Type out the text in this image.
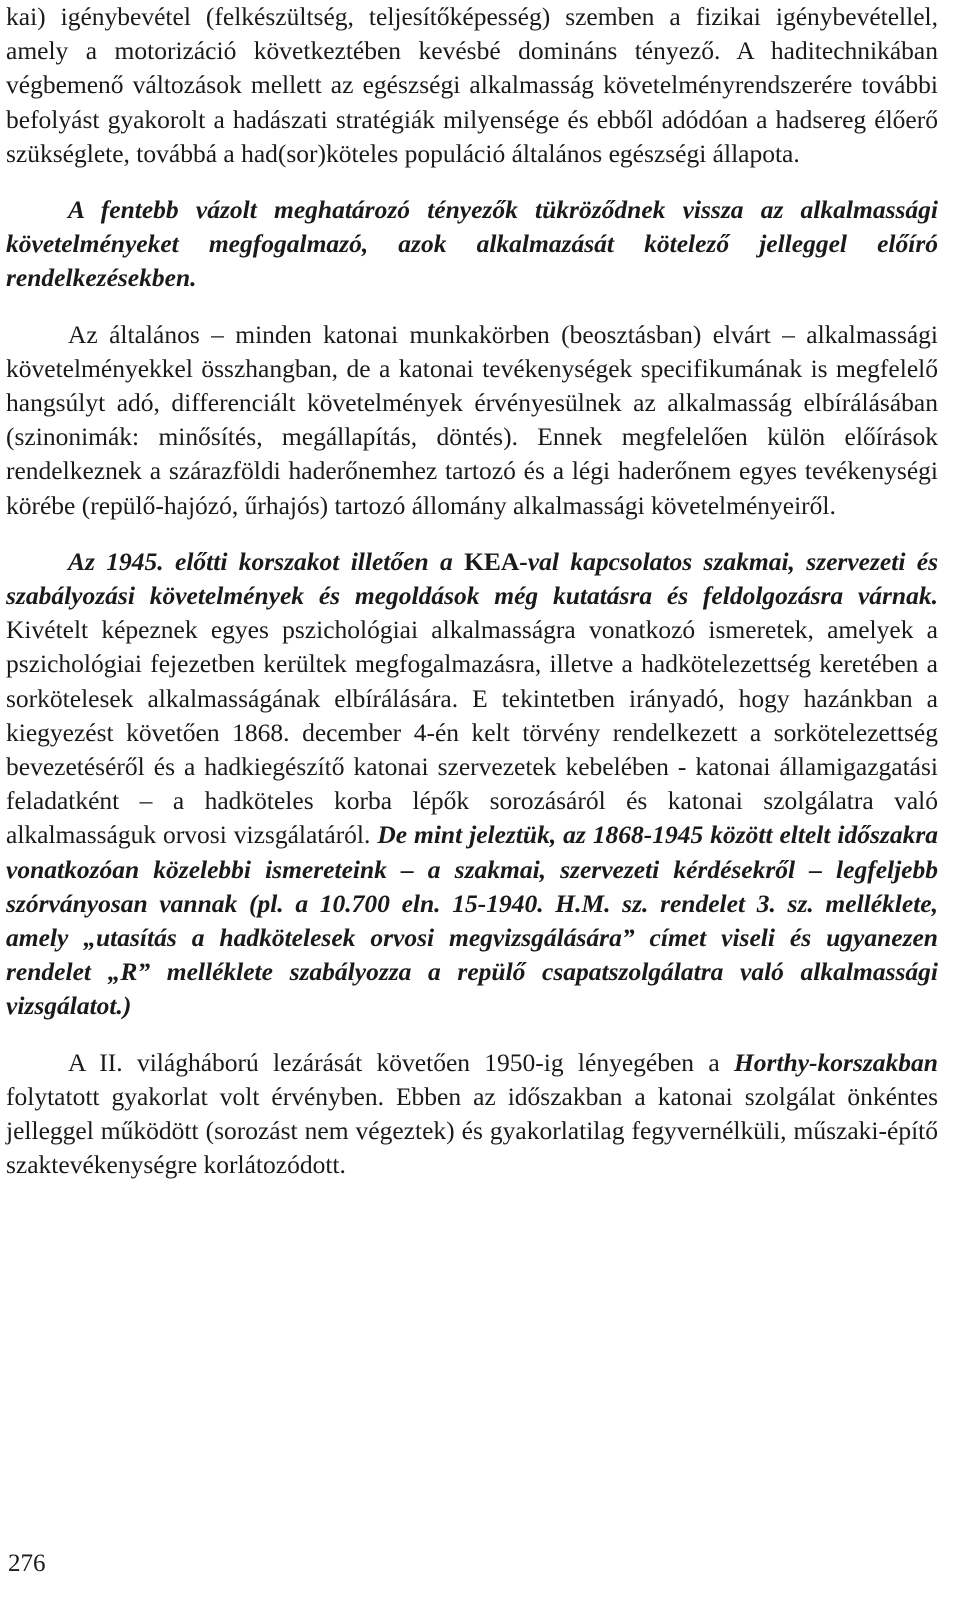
kai) igénybevétel (felkészültség, teljesítőképesség) szemben a fizikai igénybevétellel, amely a motorizáció következtében kevésbé domináns tényező. A haditechnikában végbemenő változások mellett az egészségi alkalmasság követelményrendszerére további befolyást gyakorolt a hadászati stratégiák milyensége és ebből adódóan a hadsereg élőerő szükséglete, továbbá a had(sor)köteles populáció általános egészségi állapota.

A fentebb vázolt meghatározó tényezők tükröződnek vissza az alkalmassági követelményeket megfogalmazó, azok alkalmazását kötelező jelleggel előíró rendelkezésekben.

Az általános – minden katonai munkakörben (beosztásban) elvárt – alkalmassági követelményekkel összhangban, de a katonai tevékenységek specifikumának is megfelelő hangsúlyt adó, differenciált követelmények érvényesülnek az alkalmasság elbírálásában (szinonimák: minősítés, megállapítás, döntés). Ennek megfelelően külön előírások rendelkeznek a szárazföldi haderőnemhez tartozó és a légi haderőnem egyes tevékenységi körébe (repülő-hajózó, űrhajós) tartozó állomány alkalmassági követelményeiről.

Az 1945. előtti korszakot illetően a KEA-val kapcsolatos szakmai, szervezeti és szabályozási követelmények és megoldások még kutatásra és feldolgozásra várnak. Kivételt képeznek egyes pszichológiai alkalmasságra vonatkozó ismeretek, amelyek a pszichológiai fejezetben kerültek megfogalmazásra, illetve a hadkötelezettség keretében a sorkötelesek alkalmasságának elbírálására. E tekintetben irányadó, hogy hazánkban a kiegyezést követően 1868. december 4-én kelt törvény rendelkezett a sorkötelezettség bevezetéséről és a hadkiegészítő katonai szervezetek kebelében - katonai államigazgatási feladatként – a hadköteles korba lépők sorozásáról és katonai szolgálatra való alkalmasságuk orvosi vizsgálatáról. De mint jeleztük, az 1868-1945 között eltelt időszakra vonatkozóan közelebbi ismereteink – a szakmai, szervezeti kérdésekről – legfeljebb szórványosan vannak (pl. a 10.700 eln. 15-1940. H.M. sz. rendelet 3. sz. melléklete, amely „utasítás a hadkötelesek orvosi megvizsgálására” címet viseli és ugyanezen rendelet „R” melléklete szabályozza a repülő csapatszolgálatra való alkalmassági vizsgálatot.)

A II. világháború lezárását követően 1950-ig lényegében a Horthy-korszakban folytatott gyakorlat volt érvényben. Ebben az időszakban a katonai szolgálat önkéntes jelleggel működött (sorozást nem végeztek) és gyakorlatilag fegyvernélküli, műszaki-építő szaktevékenységre korlátozódott.

276
